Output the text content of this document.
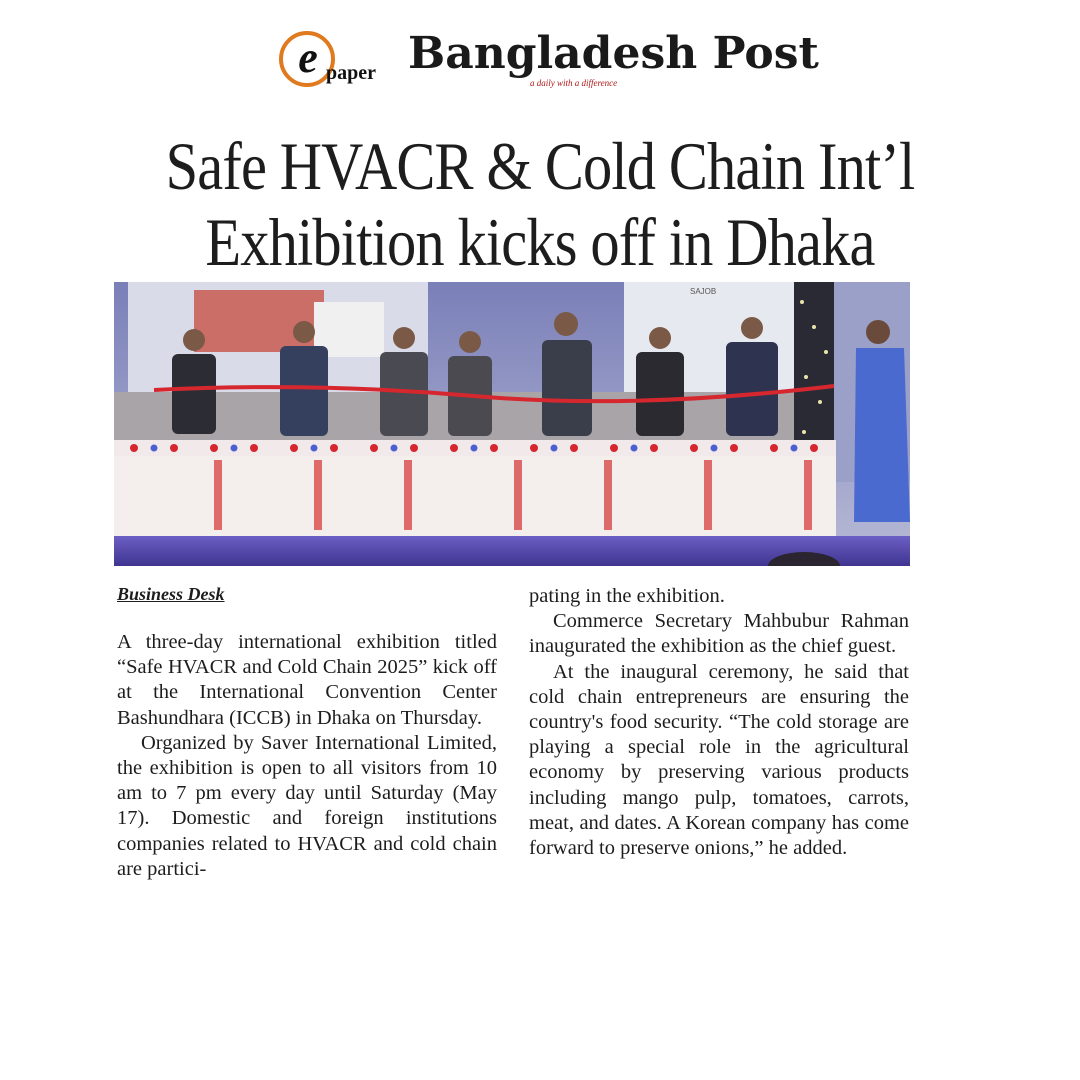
e paper Bangladesh Post
a daily with a difference
Safe HVACR & Cold Chain Int’l
Exhibition kicks off in Dhaka
SAJOB
Business Desk

A three-day international exhibition titled “Safe HVACR and Cold Chain 2025” kick off at the International Convention Center Bashundhara (ICCB) in Dhaka on Thursday.

Organized by Saver International Limited, the exhibition is open to all visitors from 10 am to 7 pm every day until Saturday (May 17). Domestic and foreign institutions companies related to HVACR and cold chain are partici-

pating in the exhibition.

Commerce Secretary Mahbubur Rahman inaugurated the exhibition as the chief guest.

At the inaugural ceremony, he said that cold chain entrepreneurs are ensuring the country's food security. “The cold storage are playing a special role in the agricultural economy by preserving various products including mango pulp, tomatoes, carrots, meat, and dates. A Korean company has come forward to preserve onions,” he added.
